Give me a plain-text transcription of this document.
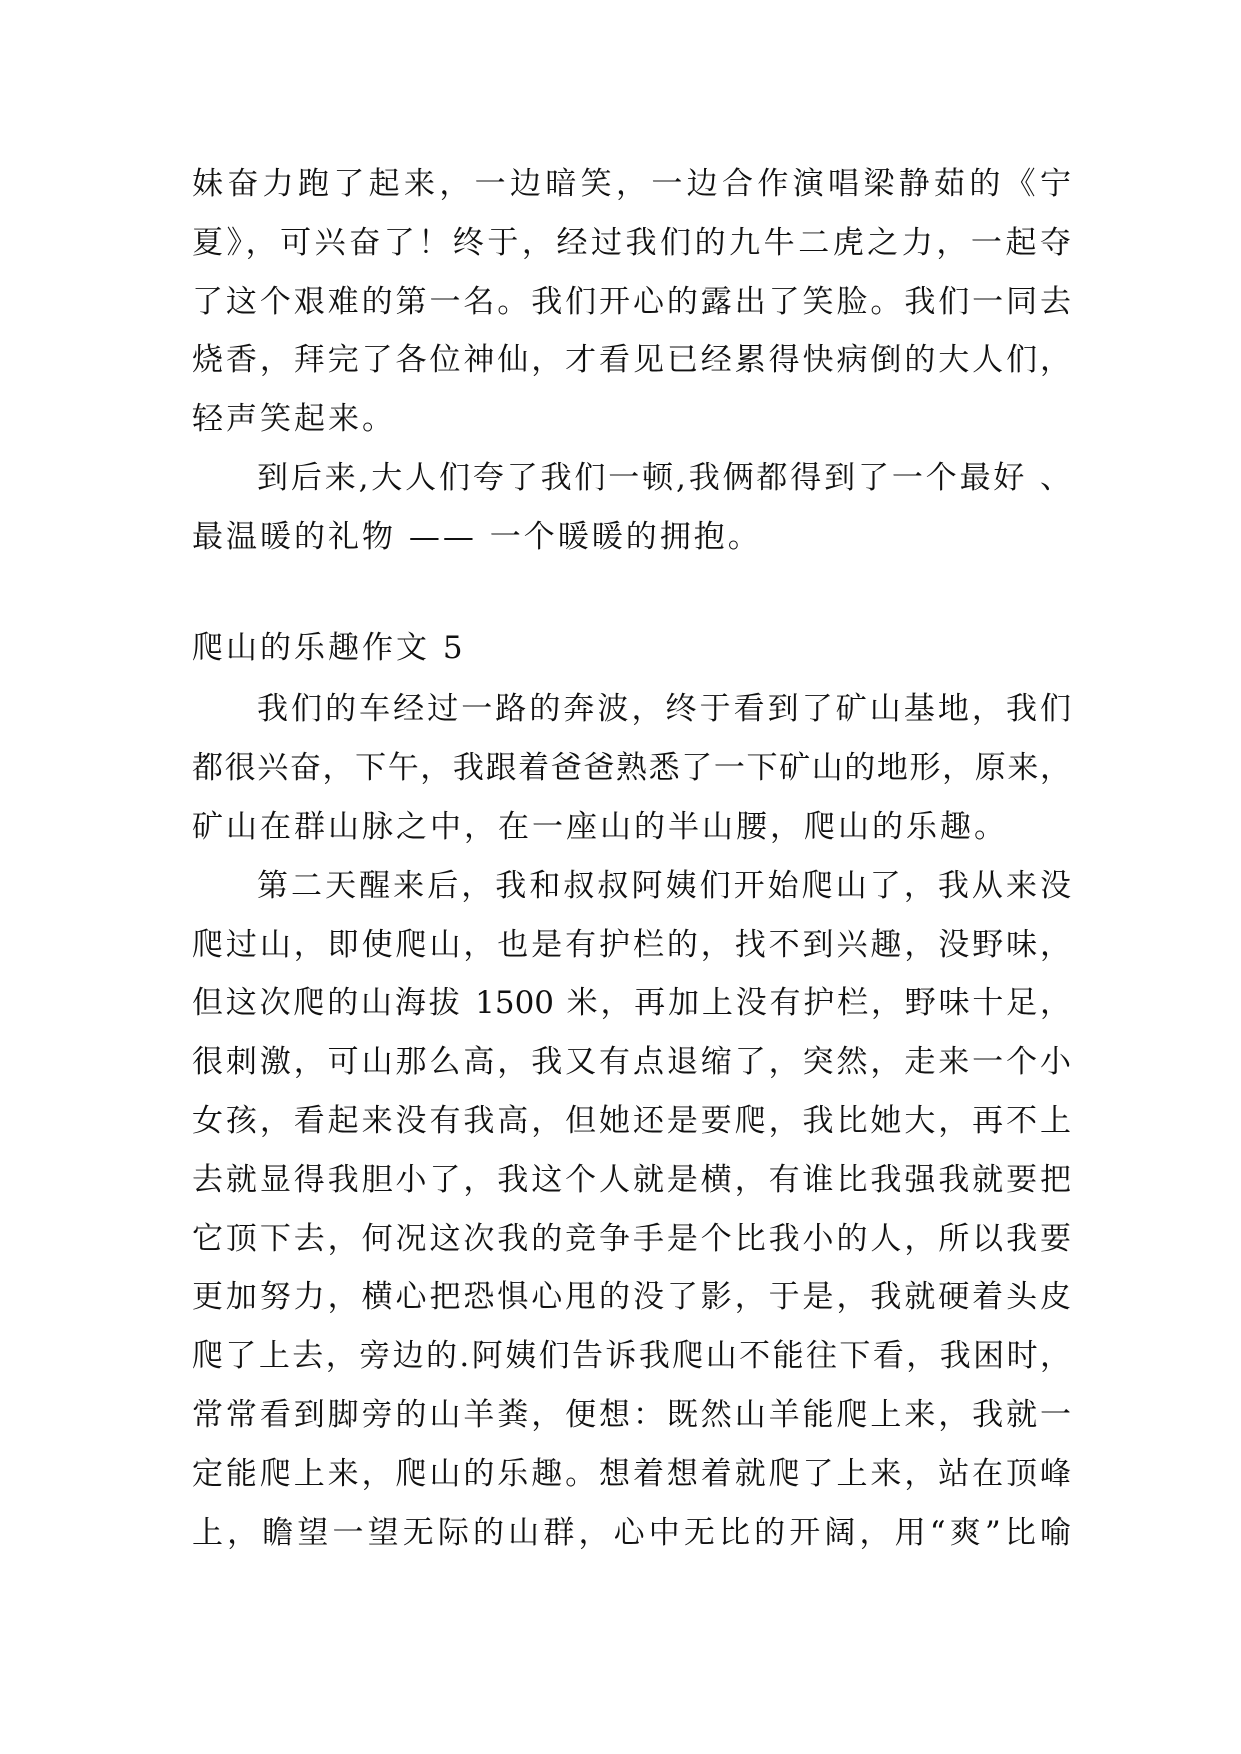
妹奋力跑了起来，一边暗笑，一边合作演唱梁静茹的《宁
夏》，可兴奋了！终于，经过我们的九牛二虎之力，一起夺
了这个艰难的第一名。我们开心的露出了笑脸。我们一同去
烧香，拜完了各位神仙，才看见已经累得快病倒的大人们，
轻声笑起来。
到后来,大人们夸了我们一顿,我俩都得到了一个最好 、
最温暖的礼物 —— 一个暖暖的拥抱。
爬山的乐趣作文 5
我们的车经过一路的奔波，终于看到了矿山基地，我们
都很兴奋，下午，我跟着爸爸熟悉了一下矿山的地形，原来，
矿山在群山脉之中，在一座山的半山腰，爬山的乐趣。
第二天醒来后，我和叔叔阿姨们开始爬山了，我从来没
爬过山，即使爬山，也是有护栏的，找不到兴趣，没野味，
但这次爬的山海拔 1500 米，再加上没有护栏，野味十足，
很刺激，可山那么高，我又有点退缩了，突然，走来一个小
女孩，看起来没有我高，但她还是要爬，我比她大，再不上
去就显得我胆小了，我这个人就是横，有谁比我强我就要把
它顶下去，何况这次我的竞争手是个比我小的人，所以我要
更加努力，横心把恐惧心甩的没了影，于是，我就硬着头皮
爬了上去，旁边的.阿姨们告诉我爬山不能往下看，我困时，
常常看到脚旁的山羊粪，便想：既然山羊能爬上来，我就一
定能爬上来，爬山的乐趣。想着想着就爬了上来，站在顶峰
上，瞻望一望无际的山群，心中无比的开阔，用“爽”比喻
